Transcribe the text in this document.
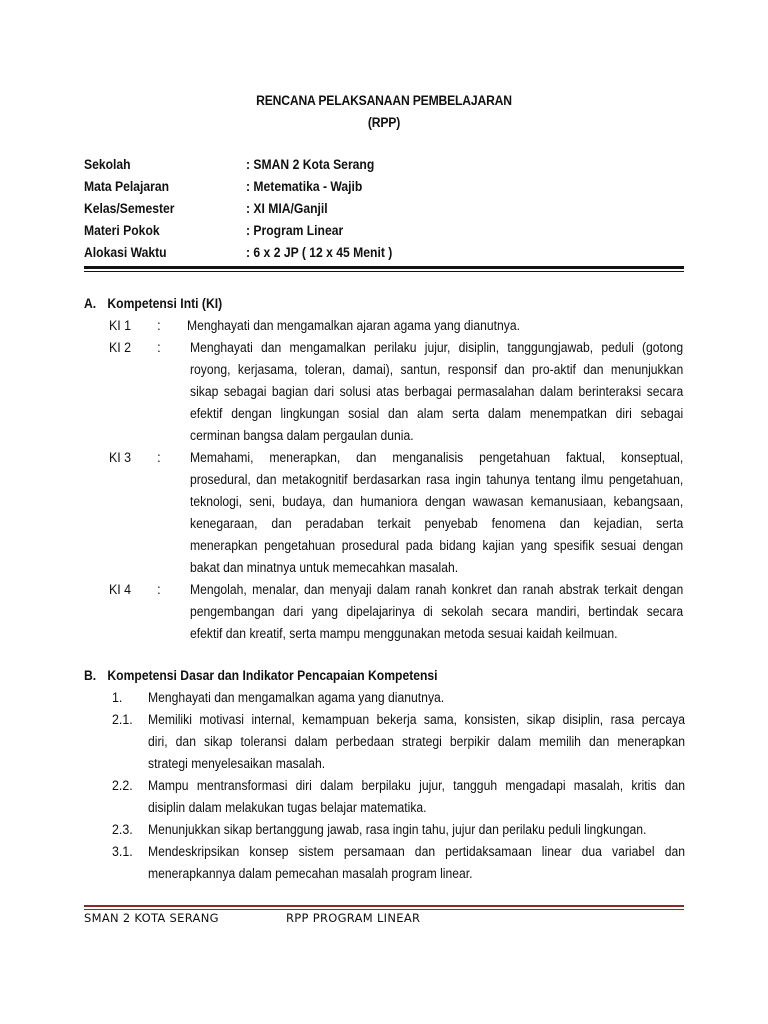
RENCANA PELAKSANAAN PEMBELAJARAN
(RPP)
Sekolah	: SMAN 2 Kota Serang
Mata Pelajaran	: Metematika - Wajib
Kelas/Semester	: XI MIA/Ganjil
Materi Pokok	: Program Linear
Alokasi Waktu	: 6 x 2 JP ( 12 x 45 Menit )
A. Kompetensi Inti (KI)
KI 1 : Menghayati dan mengamalkan ajaran agama yang dianutnya.
KI 2 : Menghayati dan mengamalkan perilaku jujur, disiplin, tanggungjawab, peduli (gotong
royong, kerjasama, toleran, damai), santun, responsif dan pro-aktif dan menunjukkan
sikap sebagai bagian dari solusi atas berbagai permasalahan dalam berinteraksi secara
efektif dengan lingkungan sosial dan alam serta dalam menempatkan diri sebagai
cerminan bangsa dalam pergaulan dunia.
KI 3 : Memahami, menerapkan, dan menganalisis pengetahuan faktual, konseptual,
prosedural, dan metakognitif berdasarkan rasa ingin tahunya tentang ilmu pengetahuan,
teknologi, seni, budaya, dan humaniora dengan wawasan kemanusiaan, kebangsaan,
kenegaraan, dan peradaban terkait penyebab fenomena dan kejadian, serta
menerapkan pengetahuan prosedural pada bidang kajian yang spesifik sesuai dengan
bakat dan minatnya untuk memecahkan masalah.
KI 4 : Mengolah, menalar, dan menyaji dalam ranah konkret dan ranah abstrak terkait dengan
pengembangan dari yang dipelajarinya di sekolah secara mandiri, bertindak secara
efektif dan kreatif, serta mampu menggunakan metoda sesuai kaidah keilmuan.
B. Kompetensi Dasar dan Indikator Pencapaian Kompetensi
1. Menghayati dan mengamalkan agama yang dianutnya.
2.1. Memiliki motivasi internal, kemampuan bekerja sama, konsisten, sikap disiplin, rasa percaya
diri, dan sikap toleransi dalam perbedaan strategi berpikir dalam memilih dan menerapkan
strategi menyelesaikan masalah.
2.2. Mampu mentransformasi diri dalam berpilaku jujur, tangguh mengadapi masalah, kritis dan
disiplin dalam melakukan tugas belajar matematika.
2.3. Menunjukkan sikap bertanggung jawab, rasa ingin tahu, jujur dan perilaku peduli lingkungan.
3.1. Mendeskripsikan konsep sistem persamaan dan pertidaksamaan linear dua variabel dan
menerapkannya dalam pemecahan masalah program linear.
SMAN 2 KOTA SERANG	RPP PROGRAM LINEAR
